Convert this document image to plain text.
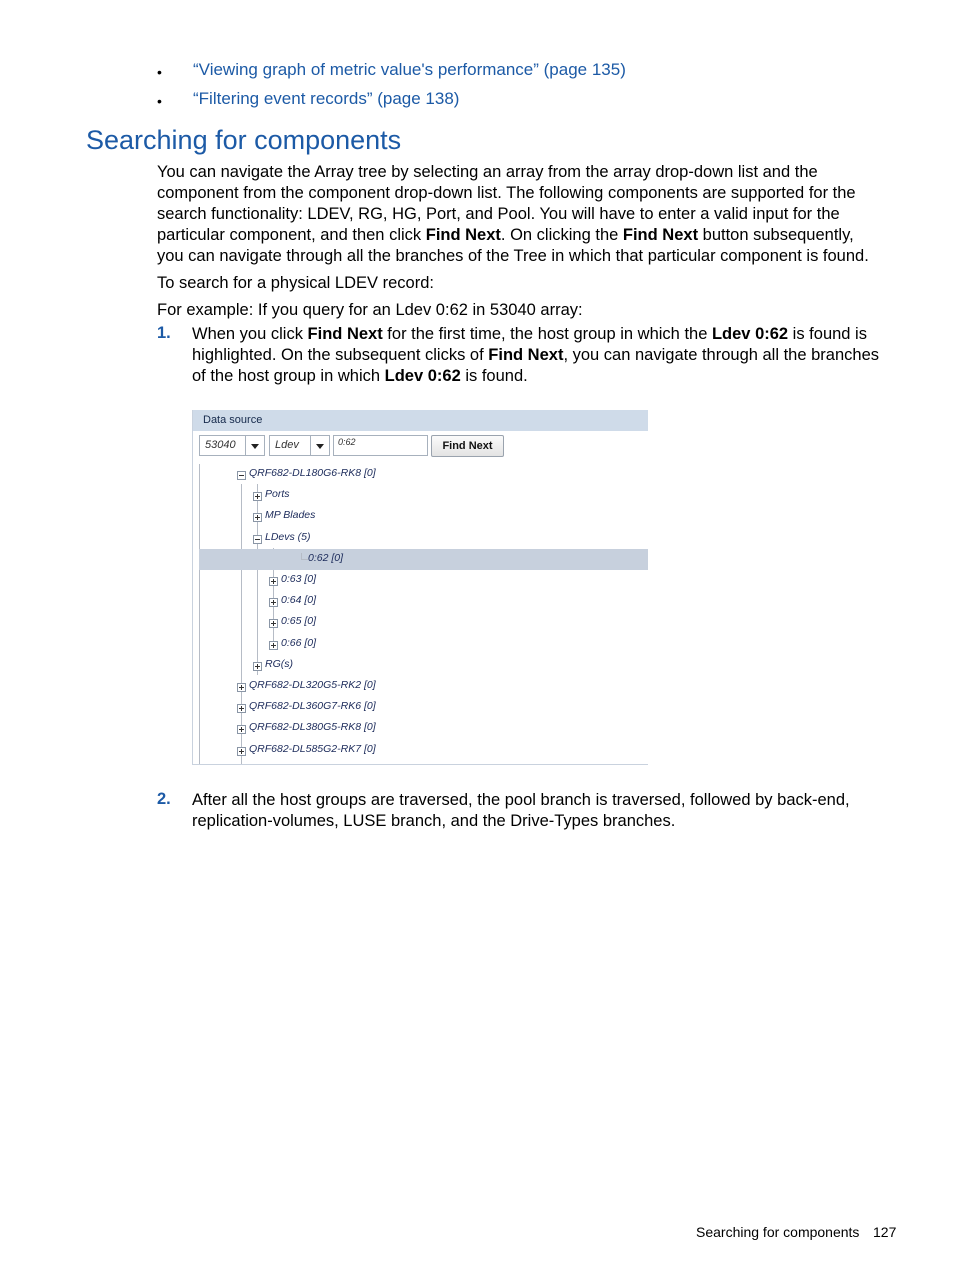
• “Viewing graph of metric value's performance” (page 135)
• “Filtering event records” (page 138)
Searching for components
You can navigate the Array tree by selecting an array from the array drop-down list and the
component from the component drop-down list. The following components are supported for the
search functionality: LDEV, RG, HG, Port, and Pool. You will have to enter a valid input for the
particular component, and then click Find Next. On clicking the Find Next button subsequently,
you can navigate through all the branches of the Tree in which that particular component is found.
To search for a physical LDEV record:
For example: If you query for an Ldev 0:62 in 53040 array:
1. When you click Find Next for the first time, the host group in which the Ldev 0:62 is found is
highlighted. On the subsequent clicks of Find Next, you can navigate through all the branches
of the host group in which Ldev 0:62 is found.
Data source
53040	Ldev	0:62	Find Next
QRF682-DL180G6-RK8 [0]
Ports
MP Blades
LDevs (5)
0:62 [0]
0:63 [0]
0:64 [0]
0:65 [0]
0:66 [0]
RG(s)
QRF682-DL320G5-RK2 [0]
QRF682-DL360G7-RK6 [0]
QRF682-DL380G5-RK8 [0]
QRF682-DL585G2-RK7 [0]
2. After all the host groups are traversed, the pool branch is traversed, followed by back-end,
replication-volumes, LUSE branch, and the Drive-Types branches.
Searching for components 127
